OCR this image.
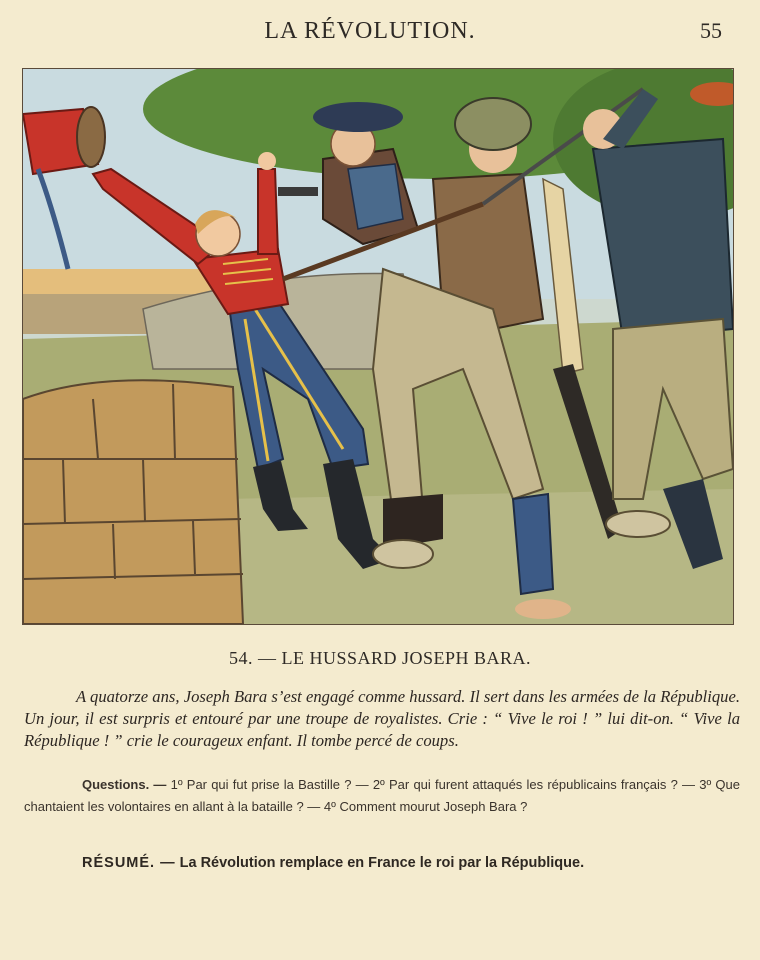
LA RÉVOLUTION.	55
54. — LE HUSSARD JOSEPH BARA.

A quatorze ans, Joseph Bara s’est engagé comme hussard. Il sert dans les armées de la République. Un jour, il est surpris et entouré par une troupe de royalistes. Crie : “ Vive le roi ! ” lui dit-on. “ Vive la République ! ” crie le courageux enfant. Il tombe percé de coups.

Questions. — 1º Par qui fut prise la Bastille ? — 2º Par qui furent attaqués les républicains français ? — 3º Que chantaient les volontaires en allant à la bataille ? — 4º Comment mourut Joseph Bara ?

RÉSUMÉ. — La Révolution remplace en France le roi par la République.
